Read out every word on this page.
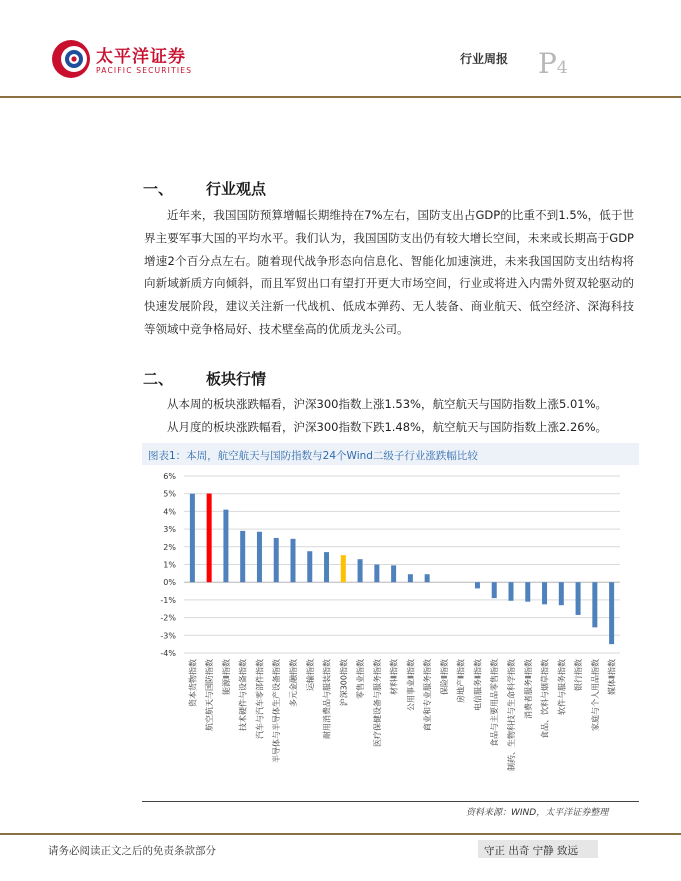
太平洋证券
PACIFIC SECURITIES
行业周报 P4
一、 行业观点

近年来，我国国防预算增幅长期维持在7%左右，国防支出占GDP的比重不到1.5%，低于世界主要军事大国的平均水平。我们认为，我国国防支出仍有较大增长空间，未来或长期高于GDP增速2个百分点左右。随着现代战争形态向信息化、智能化加速演进，未来我国国防支出结构将向新域新质方向倾斜，而且军贸出口有望打开更大市场空间，行业或将进入内需外贸双轮驱动的快速发展阶段，建议关注新一代战机、低成本弹药、无人装备、商业航天、低空经济、深海科技等领域中竞争格局好、技术壁垒高的优质龙头公司。

二、 板块行情
从本周的板块涨跌幅看，沪深300指数上涨1.53%，航空航天与国防指数上涨5.01%。
从月度的板块涨跌幅看，沪深300指数下跌1.48%，航空航天与国防指数上涨2.26%。
图表1：本周，航空航天与国防指数与24个Wind二级子行业涨跌幅比较
6%
5%
4%
3%
2%
1%
0%
-1%
-2%
-3%
-4%
资本货物指数 航空航天与国防指数 能源Ⅱ指数 技术硬件与设备指数 汽车与汽车零部件指数 半导体与半导体生产设备指数 多元金融指数 运输指数 耐用消费品与服装指数 沪深300指数 零售业指数 医疗保健设备与服务指数 材料Ⅱ指数 公用事业Ⅱ指数 商业和专业服务指数 保险Ⅱ指数 房地产Ⅱ指数 电信服务Ⅱ指数 食品与主要用品零售指数 制药、生物科技与生命科学指数 消费者服务Ⅱ指数 食品、饮料与烟草指数 软件与服务指数 银行指数 家庭与个人用品指数 媒体Ⅱ指数
资料来源：WIND，太平洋证券整理
请务必阅读正文之后的免责条款部分	守正 出奇 宁静 致远
